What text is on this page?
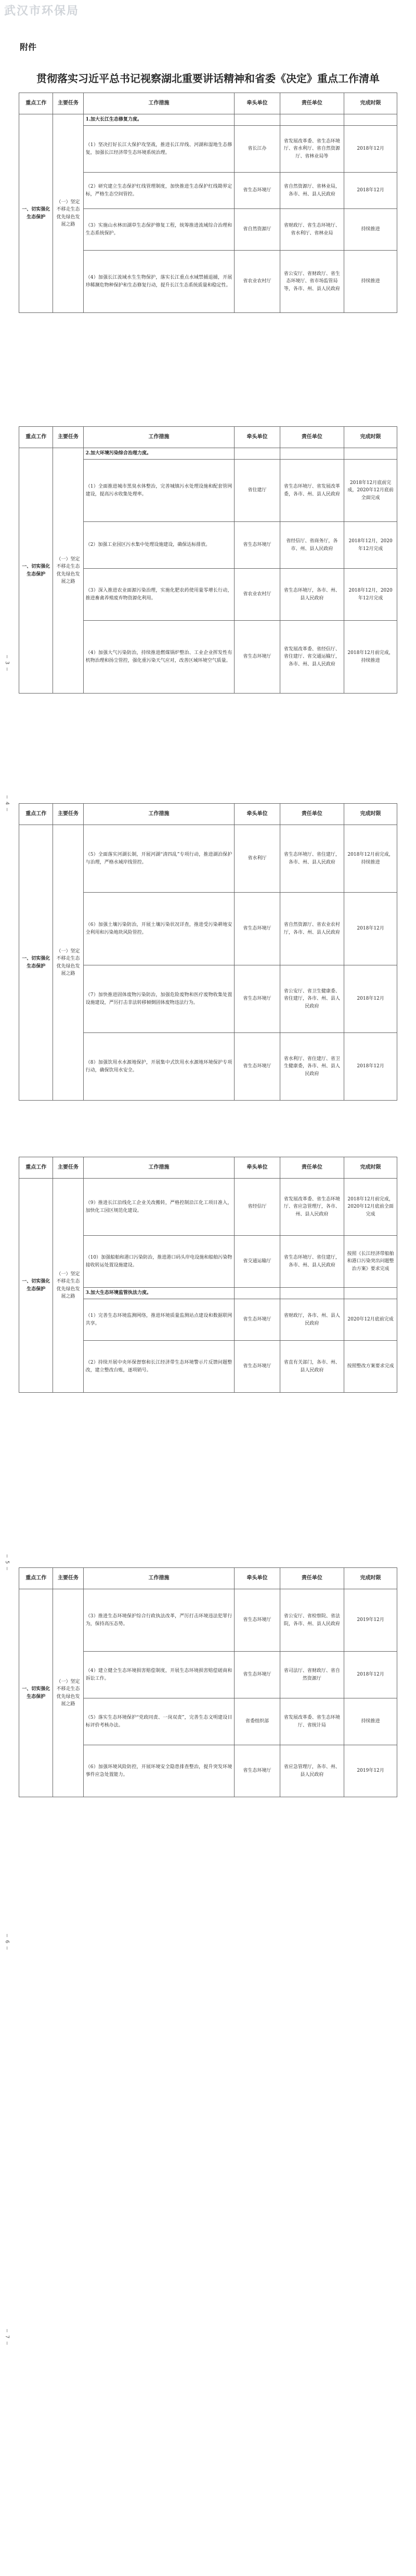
武汉市环保局
附件
贯彻落实习近平总书记视察湖北重要讲话精神和省委《决定》重点工作清单
重点工作	主要任务	工作措施	牵头单位	责任单位	完成时限
一、切实强化生态保护	（一）坚定不移走生态优先绿色发展之路	1.加大长江生态修复力度。			
		（1）坚决打好长江大保护攻坚战，推进长江岸线、河湖和湿地生态修复，加强长江经济带生态环境系统治理。	省长江办	省发展改革委、省生态环境厅、省水利厅、省自然资源厅、省林业局等	2018年12月
		（2）研究建立生态保护红线管理制度，加快推进生态保护红线勘界定标，严格生态空间管控。	省生态环境厅	省自然资源厅、省林业局，各市、州、县人民政府	2018年12月
		（3）实施山水林田湖草生态保护修复工程，统筹推进流域综合治理和生态系统保护。	省自然资源厅	省财政厅、省生态环境厅、省水利厅、省林业局	持续推进
		（4）加强长江流域水生生物保护，落实长江重点水域禁捕退捕，开展珍稀濒危物种保护和生态修复行动，提升长江生态系统质量和稳定性。	省农业农村厅	省公安厅、省财政厅、省生态环境厅、省市场监管局等，各市、州、县人民政府	持续推进
— 3 —
重点工作	主要任务	工作措施	牵头单位	责任单位	完成时限
一、切实强化生态保护	（一）坚定不移走生态优先绿色发展之路	2.加大环境污染综合治理力度。			
		（1）全面推进城市黑臭水体整治，完善城镇污水处理设施和配套管网建设，提高污水收集处理率。	省住建厅	省生态环境厅、省发展改革委，各市、州、县人民政府	2018年12月底前完成，2020年12月底前全面完成
		（2）加强工业园区污水集中处理设施建设，确保达标排放。	省生态环境厅	省经信厅、省商务厅，各市、州、县人民政府	2018年12月，2020年12月完成
		（3）深入推进农业面源污染治理，实施化肥农药使用量零增长行动，推进畜禽养殖废弃物资源化利用。	省农业农村厅	省生态环境厅，各市、州、县人民政府	2018年12月，2020年12月完成
		（4）加强大气污染防治，持续推进燃煤锅炉整治、工业企业挥发性有机物治理和扬尘管控，强化重污染天气应对，改善区域环境空气质量。	省生态环境厅	省发展改革委、省经信厅、省住建厅、省交通运输厅，各市、州、县人民政府	2018年12月前完成，持续推进
— 4 —
重点工作	主要任务	工作措施	牵头单位	责任单位	完成时限
一、切实强化生态保护	（一）坚定不移走生态优先绿色发展之路	（5）全面落实河湖长制，开展河湖“清四乱”专项行动，推进湖泊保护与治理，严格水域岸线管控。	省水利厅	省生态环境厅、省住建厅，各市、州、县人民政府	2018年12月前完成，持续推进
		（6）加强土壤污染防治，开展土壤污染状况详查，推进受污染耕地安全利用和污染地块风险管控。	省生态环境厅	省自然资源厅、省农业农村厅，各市、州、县人民政府	2018年12月
		（7）加快推进固体废物污染防治，加强危险废物和医疗废物收集处置设施建设，严厉打击非法转移倾倒固体废物违法行为。	省生态环境厅	省公安厅、省卫生健康委、省住建厅，各市、州、县人民政府	2018年12月
		（8）加强饮用水水源地保护，开展集中式饮用水水源地环境保护专项行动，确保饮用水安全。	省生态环境厅	省水利厅、省住建厅、省卫生健康委，各市、州、县人民政府	2018年12月
— 5 —
重点工作	主要任务	工作措施	牵头单位	责任单位	完成时限
一、切实强化生态保护	（一）坚定不移走生态优先绿色发展之路	（9）推进长江沿线化工企业关改搬转，严格控制沿江化工项目准入，加快化工园区规范化建设。	省经信厅	省发展改革委、省生态环境厅、省应急管理厅，各市、州、县人民政府	2018年12月前完成，2020年12月底前全面完成
		（10）加强船舶和港口污染防治，推进港口码头岸电设施和船舶污染物接收转运处置设施建设。	省交通运输厅	省生态环境厅、省住建厅，各市、州、县人民政府	按照《长江经济带船舶和港口污染突出问题整治方案》要求完成
		3.加大生态环境监管执法力度。			
		（1）完善生态环境监测网络，推进环境质量监测站点建设和数据联网共享。	省生态环境厅	省财政厅，各市、州、县人民政府	2020年12月底前完成
		（2）持续开展中央环保督察和长江经济带生态环境警示片反馈问题整改，建立整改台账，逐项销号。	省生态环境厅	省直有关部门，各市、州、县人民政府	按照整改方案要求完成
— 6 —
重点工作	主要任务	工作措施	牵头单位	责任单位	完成时限
一、切实强化生态保护	（一）坚定不移走生态优先绿色发展之路	（3）推进生态环境保护综合行政执法改革，严厉打击环境违法犯罪行为，保持高压态势。	省生态环境厅	省公安厅、省检察院、省法院，各市、州、县人民政府	2019年12月
		（4）建立健全生态环境损害赔偿制度，开展生态环境损害赔偿磋商和诉讼工作。	省生态环境厅	省司法厅、省财政厅、省自然资源厅	2018年12月
		（5）落实生态环境保护“党政同责、一岗双责”，完善生态文明建设目标评价考核办法。	省委组织部	省发展改革委、省生态环境厅、省统计局	持续推进
		（6）加强环境风险防控，开展环境安全隐患排查整治，提升突发环境事件应急处置能力。	省生态环境厅	省应急管理厅，各市、州、县人民政府	2019年12月
— 7 —
